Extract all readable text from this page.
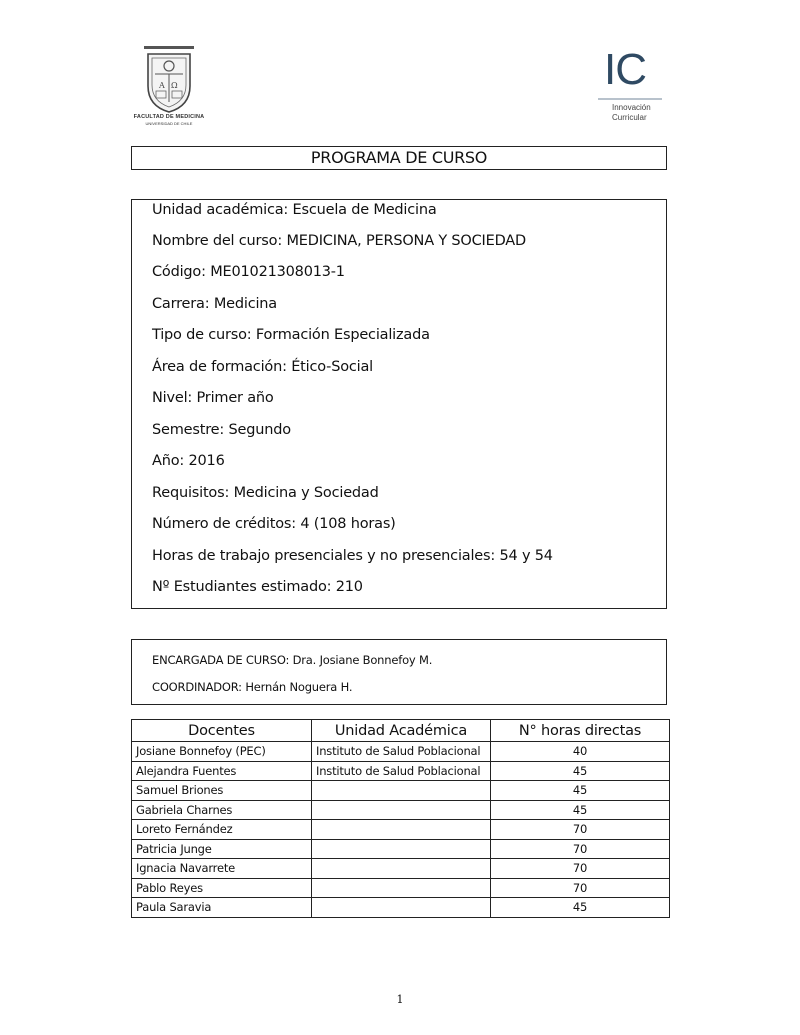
A Ω
FACULTAD DE MEDICINA
UNIVERSIDAD DE CHILE
IC
Innovación
Curricular
PROGRAMA DE CURSO
Unidad académica: Escuela de Medicina
Nombre del curso: MEDICINA, PERSONA Y SOCIEDAD
Código: ME01021308013-1
Carrera: Medicina
Tipo de curso: Formación Especializada
Área de formación: Ético-Social
Nivel: Primer año
Semestre: Segundo
Año: 2016
Requisitos: Medicina y Sociedad
Número de créditos: 4 (108 horas)
Horas de trabajo presenciales y no presenciales: 54 y 54
Nº Estudiantes estimado: 210
ENCARGADA DE CURSO: Dra. Josiane Bonnefoy M.
COORDINADOR: Hernán Noguera H.
Docentes	Unidad Académica	N° horas directas
Josiane Bonnefoy (PEC)	Instituto de Salud Poblacional	40
Alejandra Fuentes	Instituto de Salud Poblacional	45
Samuel Briones		45
Gabriela Charnes		45
Loreto Fernández		70
Patricia Junge		70
Ignacia Navarrete		70
Pablo Reyes		70
Paula Saravia		45
1
